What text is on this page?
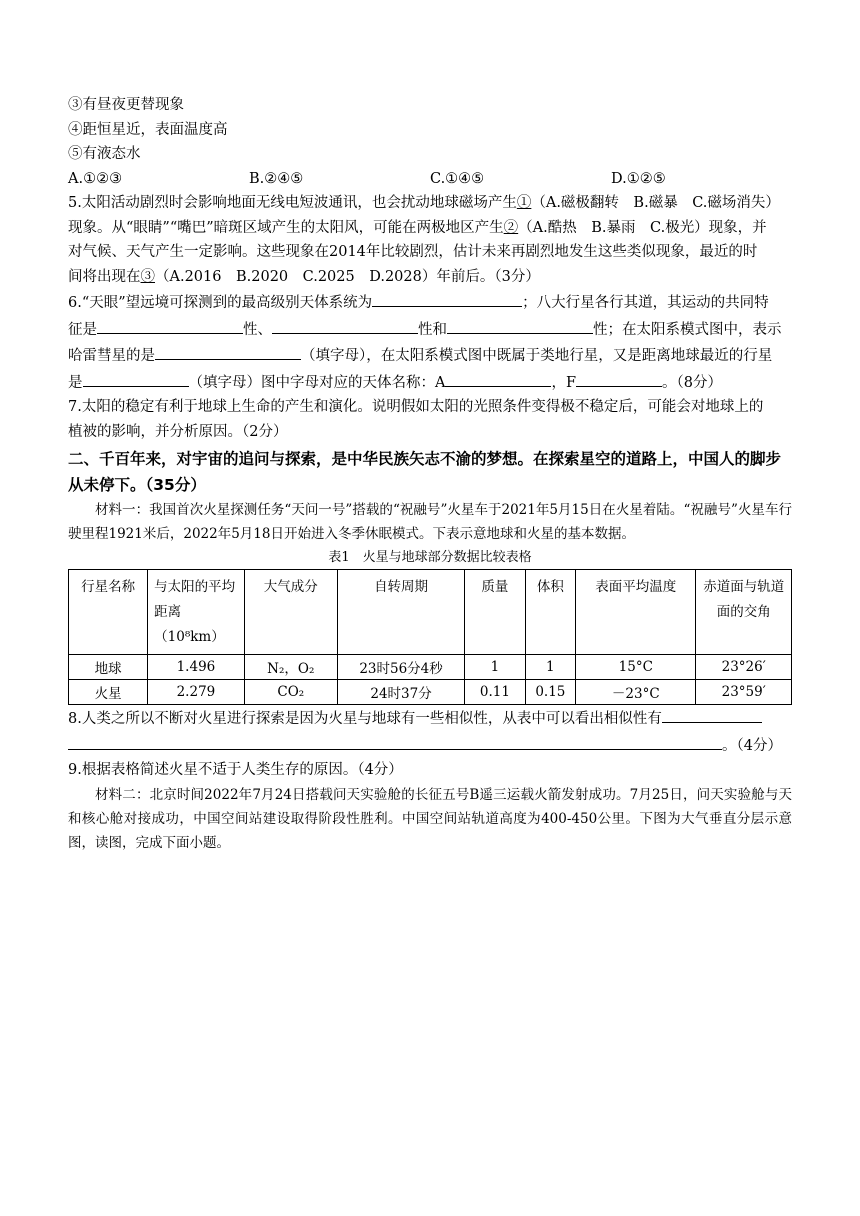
③有昼夜更替现象
④距恒星近，表面温度高
⑤有液态水
A.①②③	B.②④⑤	C.①④⑤	D.①②⑤
5.太阳活动剧烈时会影响地面无线电短波通讯，也会扰动地球磁场产生①（A.磁极翻转　B.磁暴　C.磁场消失）
现象。从“眼睛”“嘴巴”暗斑区域产生的太阳风，可能在两极地区产生②（A.酷热　B.暴雨　C.极光）现象，并
对气候、天气产生一定影响。这些现象在2014年比较剧烈，估计未来再剧烈地发生这些类似现象，最近的时
间将出现在③（A.2016　B.2020　C.2025　D.2028）年前后。（3分）
6.“天眼”望远境可探测到的最高级别天体系统为	；八大行星各行其道，其运动的共同特
征是	性、	性和	性；在太阳系模式图中，表示
哈雷彗星的是	（填字母），在太阳系模式图中既属于类地行星，又是距离地球最近的行星
是	（填字母）图中字母对应的天体名称：A	，F	。（8分）
7.太阳的稳定有利于地球上生命的产生和演化。说明假如太阳的光照条件变得极不稳定后，可能会对地球上的
植被的影响，并分析原因。（2分）
二、千百年来，对宇宙的追问与探索，是中华民族矢志不渝的梦想。在探索星空的道路上，中国人的脚步从未停下。（35分）
材料一：我国首次火星探测任务“天问一号”搭载的“祝融号”火星车于2021年5月15日在火星着陆。“祝融号”火星车行驶里程1921米后，2022年5月18日开始进入冬季休眠模式。下表示意地球和火星的基本数据。
表1　火星与地球部分数据比较表格
行星名称	与太阳的平均距离（10⁸km）	大气成分	自转周期	质量	体积	表面平均温度	赤道面与轨道面的交角
地球	1.496	N₂，O₂	23时56分4秒	1	1	15°C	23°26′
火星	2.279	CO₂	24时37分	0.11	0.15	－23°C	23°59′
8.人类之所以不断对火星进行探索是因为火星与地球有一些相似性，从表中可以看出相似性有
。（4分）
9.根据表格简述火星不适于人类生存的原因。（4分）
材料二：北京时间2022年7月24日搭载问天实验舱的长征五号B遥三运载火箭发射成功。7月25日，问天实验舱与天和核心舱对接成功，中国空间站建设取得阶段性胜利。中国空间站轨道高度为400-450公里。下图为大气垂直分层示意图，读图，完成下面小题。
